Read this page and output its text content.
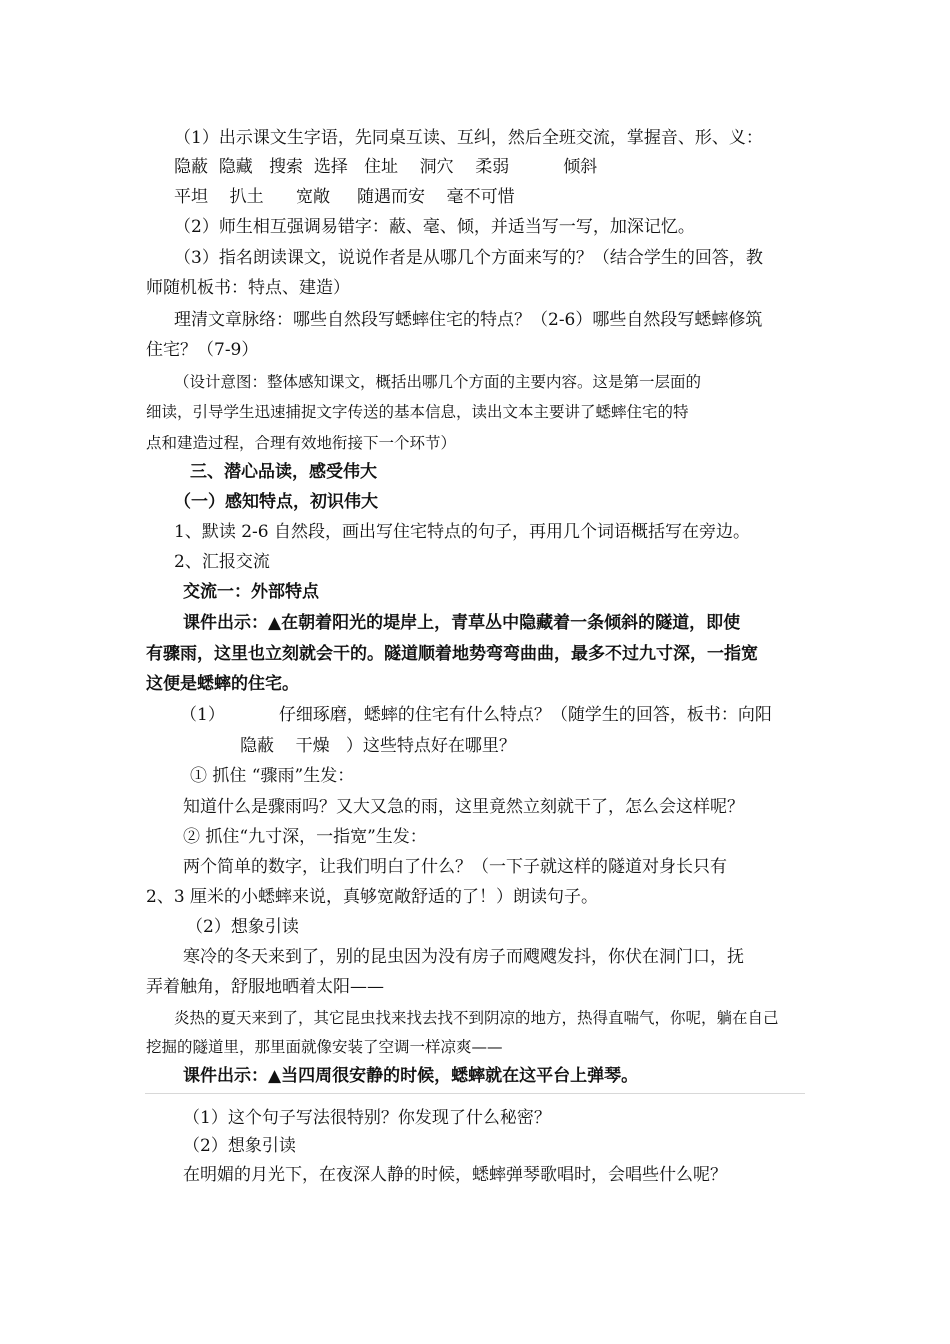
（1）出示课文生字语，先同桌互读、互纠，然后全班交流，掌握音、形、义：
隐蔽  隐藏   搜索  选择   住址    洞穴    柔弱          倾斜
平坦    扒土      宽敞     随遇而安    毫不可惜
（2）师生相互强调易错字：蔽、毫、倾，并适当写一写，加深记忆。
（3）指名朗读课文，说说作者是从哪几个方面来写的？（结合学生的回答，教
师随机板书：特点、建造）
理清文章脉络：哪些自然段写蟋蟀住宅的特点？（2-6）哪些自然段写蟋蟀修筑
住宅？（7-9）
（设计意图：整体感知课文，概括出哪几个方面的主要内容。这是第一层面的
细读，引导学生迅速捕捉文字传送的基本信息，读出文本主要讲了蟋蟀住宅的特
点和建造过程，合理有效地衔接下一个环节）
三、潜心品读，感受伟大
（一）感知特点，初识伟大
1、默读 2-6 自然段，画出写住宅特点的句子，再用几个词语概括写在旁边。
2、汇报交流
交流一：外部特点
课件出示：▲在朝着阳光的堤岸上，青草丛中隐藏着一条倾斜的隧道，即使
有骤雨，这里也立刻就会干的。隧道顺着地势弯弯曲曲，最多不过九寸深，一指宽
这便是蟋蟀的住宅。
（1）          仔细琢磨，蟋蟀的住宅有什么特点？（随学生的回答，板书：向阳
隐蔽    干燥   ）这些特点好在哪里？
① 抓住 “骤雨”生发：
知道什么是骤雨吗？又大又急的雨，这里竟然立刻就干了，怎么会这样呢？
② 抓住“九寸深，一指宽”生发：
两个简单的数字，让我们明白了什么？（一下子就这样的隧道对身长只有
2、3 厘米的小蟋蟀来说，真够宽敞舒适的了！）朗读句子。
（2）想象引读
寒冷的冬天来到了，别的昆虫因为没有房子而飕飕发抖，你伏在洞门口，抚
弄着触角，舒服地晒着太阳——
炎热的夏天来到了，其它昆虫找来找去找不到阴凉的地方，热得直喘气，你呢，躺在自己
挖掘的隧道里，那里面就像安装了空调一样凉爽——
课件出示：▲当四周很安静的时候，蟋蟀就在这平台上弹琴。
（1）这个句子写法很特别？你发现了什么秘密？
（2）想象引读
在明媚的月光下，在夜深人静的时候，蟋蟀弹琴歌唱时，会唱些什么呢？
